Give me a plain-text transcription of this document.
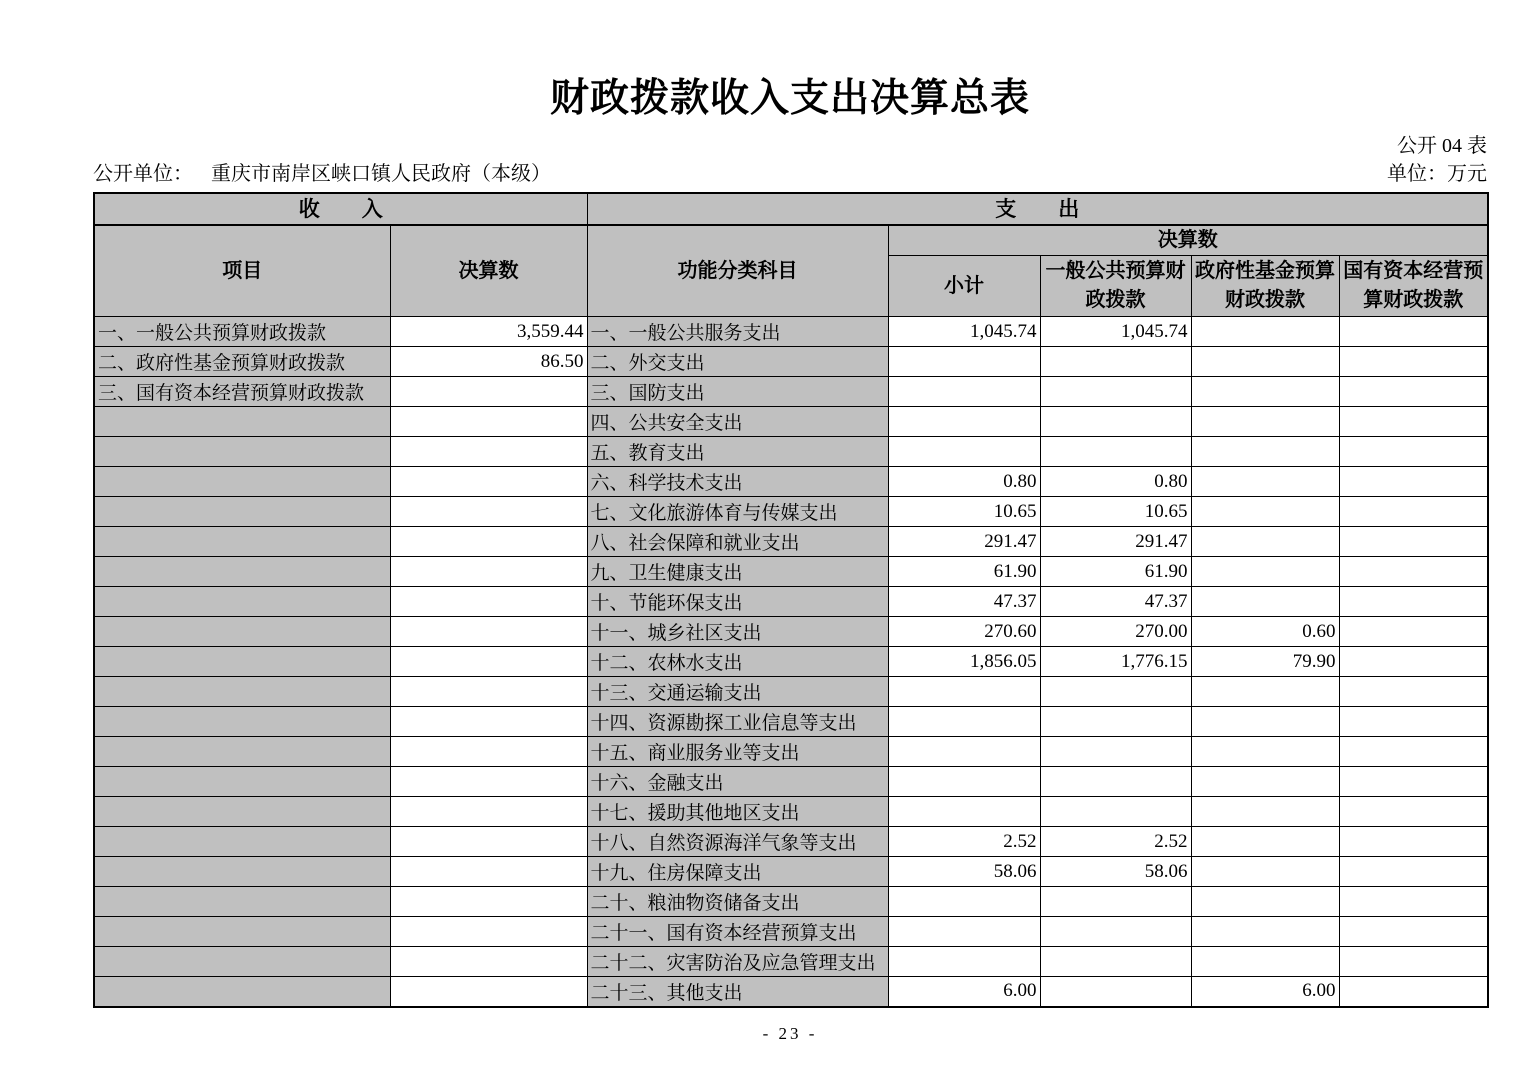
财政拨款收入支出决算总表
公开 04 表
公开单位： 重庆市南岸区峡口镇人民政府（本级）	单位：万元
收　　入		支　　出				
项目	决算数	功能分类科目	决算数			
			小计	一般公共预算财政拨款	政府性基金预算财政拨款	国有资本经营预算财政拨款
一、一般公共预算财政拨款	3,559.44	一、一般公共服务支出	1,045.74	1,045.74		
二、政府性基金预算财政拨款	86.50	二、外交支出				
三、国有资本经营预算财政拨款		三、国防支出				
		四、公共安全支出				
		五、教育支出				
		六、科学技术支出	0.80	0.80		
		七、文化旅游体育与传媒支出	10.65	10.65		
		八、社会保障和就业支出	291.47	291.47		
		九、卫生健康支出	61.90	61.90		
		十、节能环保支出	47.37	47.37		
		十一、城乡社区支出	270.60	270.00	0.60	
		十二、农林水支出	1,856.05	1,776.15	79.90	
		十三、交通运输支出				
		十四、资源勘探工业信息等支出				
		十五、商业服务业等支出				
		十六、金融支出				
		十七、援助其他地区支出				
		十八、自然资源海洋气象等支出	2.52	2.52		
		十九、住房保障支出	58.06	58.06		
		二十、粮油物资储备支出				
		二十一、国有资本经营预算支出				
		二十二、灾害防治及应急管理支出				
		二十三、其他支出	6.00		6.00	
- 23 -
